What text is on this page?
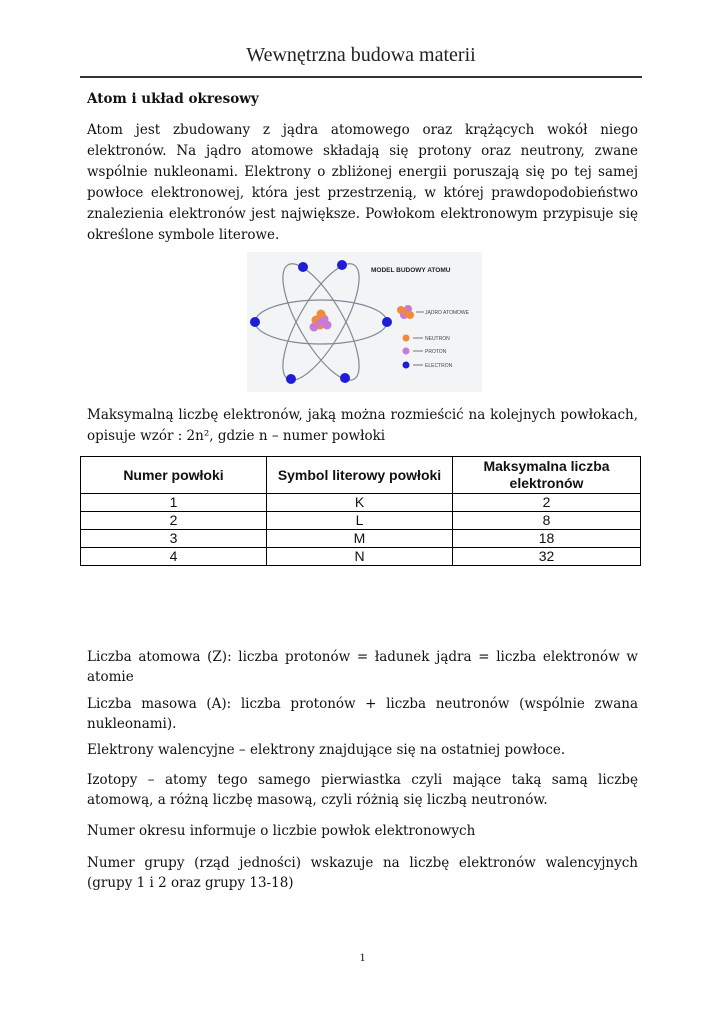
Wewnętrzna budowa materii
Atom i układ okresowy
Atom jest zbudowany z jądra atomowego oraz krążących wokół niego elektronów. Na jądro atomowe składają się protony oraz neutrony, zwane wspólnie nukleonami. Elektrony o zbliżonej energii poruszają się po tej samej powłoce elektronowej, która jest przestrzenią, w której prawdopodobieństwo znalezienia elektronów jest największe. Powłokom elektronowym przypisuje się określone symbole literowe.
MODEL BUDOWY ATOMU
JĄDRO ATOMOWE
NEUTRON
PROTON
ELECTRON
Maksymalną liczbę elektronów, jaką można rozmieścić na kolejnych powłokach, opisuje wzór : 2n², gdzie n – numer powłoki
Numer powłoki	Symbol literowy powłoki	Maksymalna liczba elektronów
1	K	2
2	L	8
3	M	18
4	N	32
Liczba atomowa (Z): liczba protonów = ładunek jądra = liczba elektronów w atomie
Liczba masowa (A): liczba protonów + liczba neutronów (wspólnie zwana nukleonami).
Elektrony walencyjne – elektrony znajdujące się na ostatniej powłoce.
Izotopy – atomy tego samego pierwiastka czyli mające taką samą liczbę atomową, a różną liczbę masową, czyli różnią się liczbą neutronów.
Numer okresu informuje o liczbie powłok elektronowych
Numer grupy (rząd jedności) wskazuje na liczbę elektronów walencyjnych (grupy 1 i 2 oraz grupy 13-18)
1
